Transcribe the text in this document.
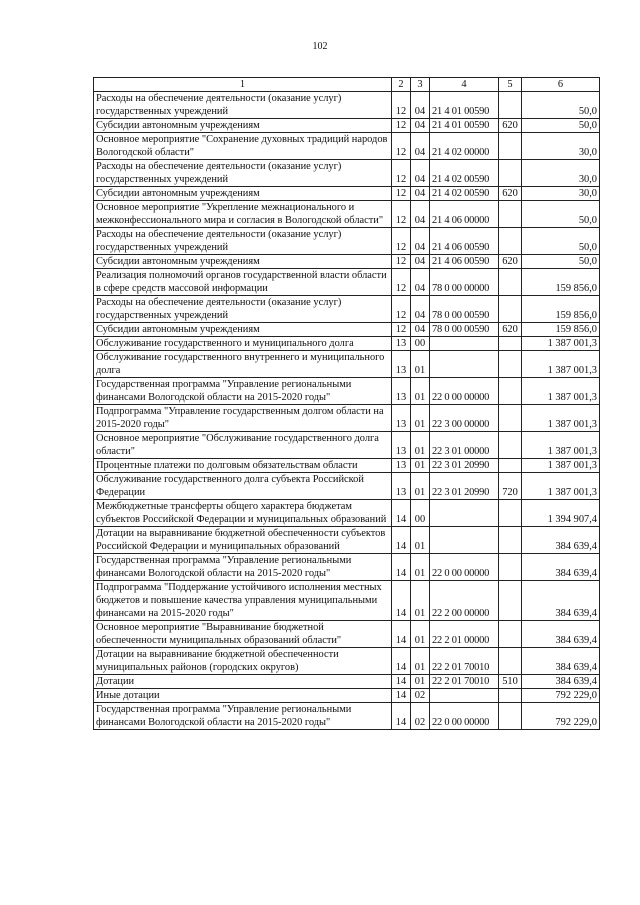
102
1	2	3	4	5	6
Расходы на обеспечение деятельности (оказание услуг) государственных учреждений	12	04	21 4 01 00590		50,0
Субсидии автономным учреждениям	12	04	21 4 01 00590	620	50,0
Основное мероприятие "Сохранение духовных традиций народов Вологодской области"	12	04	21 4 02 00000		30,0
Расходы на обеспечение деятельности (оказание услуг) государственных учреждений	12	04	21 4 02 00590		30,0
Субсидии автономным учреждениям	12	04	21 4 02 00590	620	30,0
Основное мероприятие "Укрепление межнационального и межконфессионального мира и согласия в Вологодской области"	12	04	21 4 06 00000		50,0
Расходы на обеспечение деятельности (оказание услуг) государственных учреждений	12	04	21 4 06 00590		50,0
Субсидии автономным учреждениям	12	04	21 4 06 00590	620	50,0
Реализация полномочий органов государственной власти области в сфере средств массовой информации	12	04	78 0 00 00000		159 856,0
Расходы на обеспечение деятельности (оказание услуг) государственных учреждений	12	04	78 0 00 00590		159 856,0
Субсидии автономным учреждениям	12	04	78 0 00 00590	620	159 856,0
Обслуживание государственного и муниципального долга	13	00			1 387 001,3
Обслуживание государственного внутреннего и муниципального долга	13	01			1 387 001,3
Государственная программа "Управление региональными финансами Вологодской области на 2015-2020 годы"	13	01	22 0 00 00000		1 387 001,3
Подпрограмма "Управление государственным долгом области на 2015-2020 годы"	13	01	22 3 00 00000		1 387 001,3
Основное мероприятие "Обслуживание государственного долга области"	13	01	22 3 01 00000		1 387 001,3
Процентные платежи по долговым обязательствам области	13	01	22 3 01 20990		1 387 001,3
Обслуживание государственного долга субъекта Российской Федерации	13	01	22 3 01 20990	720	1 387 001,3
Межбюджетные трансферты общего характера бюджетам субъектов Российской Федерации и муниципальных образований	14	00			1 394 907,4
Дотации на выравнивание бюджетной обеспеченности субъектов Российской Федерации и муниципальных образований	14	01			384 639,4
Государственная программа "Управление региональными финансами Вологодской области на 2015-2020 годы"	14	01	22 0 00 00000		384 639,4
Подпрограмма "Поддержание устойчивого исполнения местных бюджетов и повышение качества управления муниципальными финансами на 2015-2020 годы"	14	01	22 2 00 00000		384 639,4
Основное мероприятие "Выравнивание бюджетной обеспеченности муниципальных образований области"	14	01	22 2 01 00000		384 639,4
Дотации на выравнивание бюджетной обеспеченности муниципальных районов (городских округов)	14	01	22 2 01 70010		384 639,4
Дотации	14	01	22 2 01 70010	510	384 639,4
Иные дотации	14	02			792 229,0
Государственная программа "Управление региональными финансами Вологодской области на 2015-2020 годы"	14	02	22 0 00 00000		792 229,0
